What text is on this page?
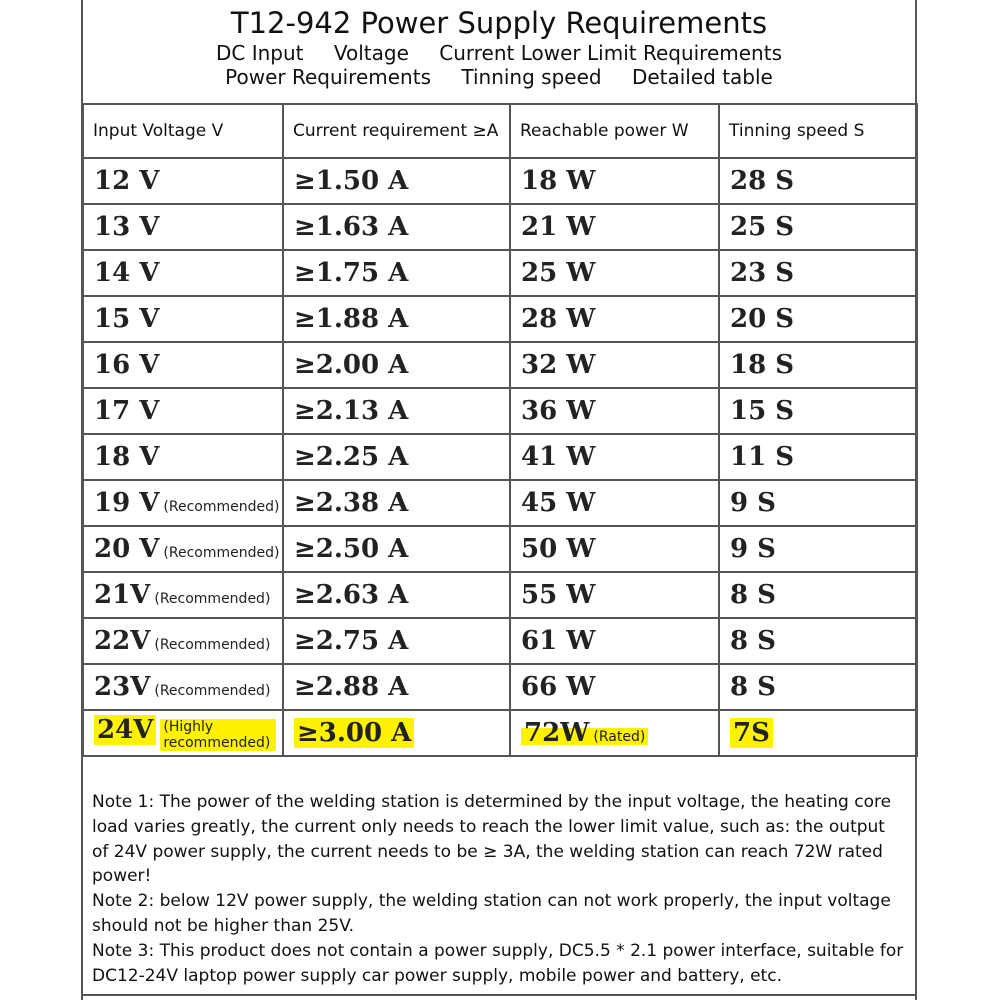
T12-942 Power Supply Requirements
DC Input Voltage Current Lower Limit Requirements
Power Requirements Tinning speed Detailed table
Input Voltage V	Current requirement ≥A	Reachable power W	Tinning speed S
12 V	≥1.50 A	18 W	28 S
13 V	≥1.63 A	21 W	25 S
14 V	≥1.75 A	25 W	23 S
15 V	≥1.88 A	28 W	20 S
16 V	≥2.00 A	32 W	18 S
17 V	≥2.13 A	36 W	15 S
18 V	≥2.25 A	41 W	11 S
19 V (Recommended)	≥2.38 A	45 W	9 S
20 V (Recommended)	≥2.50 A	50 W	9 S
21V (Recommended)	≥2.63 A	55 W	8 S
22V (Recommended)	≥2.75 A	61 W	8 S
23V (Recommended)	≥2.88 A	66 W	8 S
24V (Highly recommended)	≥3.00 A	72W (Rated)	7S
Note 1: The power of the welding station is determined by the input voltage, the heating core load varies greatly, the current only needs to reach the lower limit value, such as: the output of 24V power supply, the current needs to be ≥ 3A, the welding station can reach 72W rated power!
Note 2: below 12V power supply, the welding station can not work properly, the input voltage should not be higher than 25V.
Note 3: This product does not contain a power supply, DC5.5 * 2.1 power interface, suitable for DC12-24V laptop power supply car power supply, mobile power and battery, etc.
